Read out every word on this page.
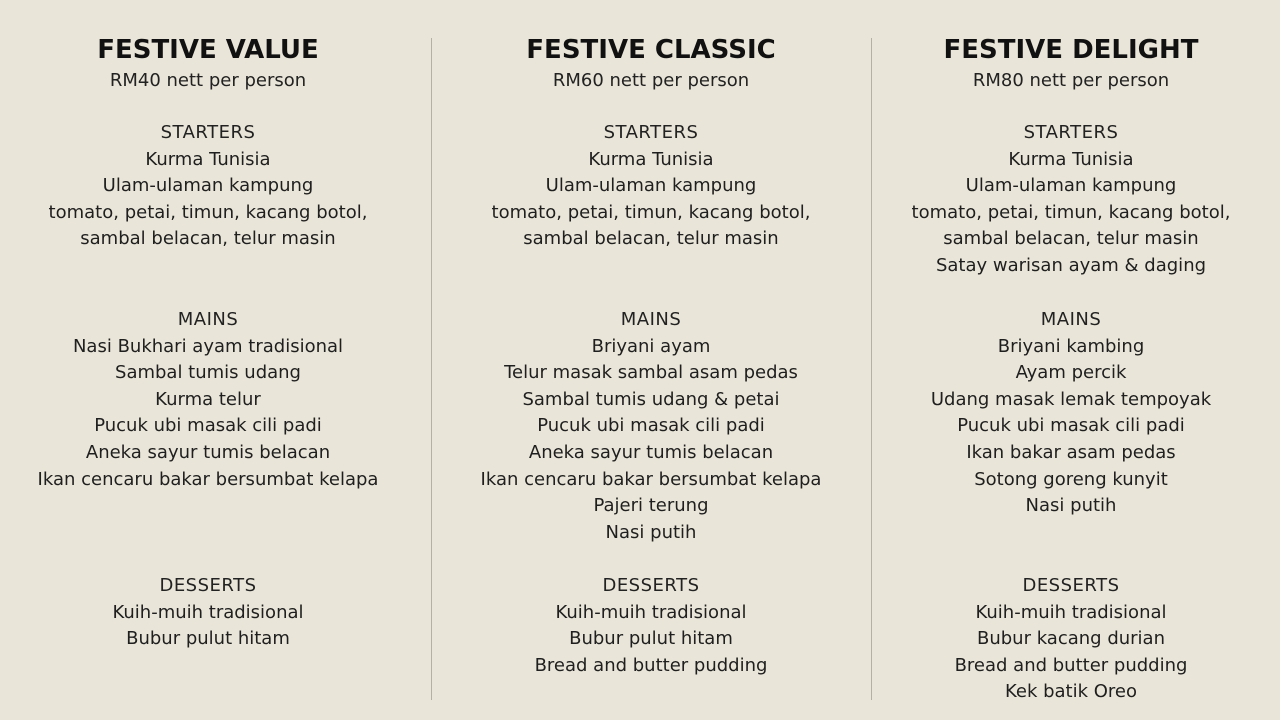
FESTIVE VALUE

RM40 nett per person

STARTERS
Kurma Tunisia
Ulam-ulaman kampung
tomato, petai, timun, kacang botol,
sambal belacan, telur masin
MAINS
Nasi Bukhari ayam tradisional
Sambal tumis udang
Kurma telur
Pucuk ubi masak cili padi
Aneka sayur tumis belacan
Ikan cencaru bakar bersumbat kelapa
DESSERTS
Kuih-muih tradisional
Bubur pulut hitam
FESTIVE CLASSIC

RM60 nett per person

STARTERS
Kurma Tunisia
Ulam-ulaman kampung
tomato, petai, timun, kacang botol,
sambal belacan, telur masin
MAINS
Briyani ayam
Telur masak sambal asam pedas
Sambal tumis udang & petai
Pucuk ubi masak cili padi
Aneka sayur tumis belacan
Ikan cencaru bakar bersumbat kelapa
Pajeri terung
Nasi putih
DESSERTS
Kuih-muih tradisional
Bubur pulut hitam
Bread and butter pudding
FESTIVE DELIGHT

RM80 nett per person

STARTERS
Kurma Tunisia
Ulam-ulaman kampung
tomato, petai, timun, kacang botol,
sambal belacan, telur masin
Satay warisan ayam & daging
MAINS
Briyani kambing
Ayam percik
Udang masak lemak tempoyak
Pucuk ubi masak cili padi
Ikan bakar asam pedas
Sotong goreng kunyit
Nasi putih
DESSERTS
Kuih-muih tradisional
Bubur kacang durian
Bread and butter pudding
Kek batik Oreo
